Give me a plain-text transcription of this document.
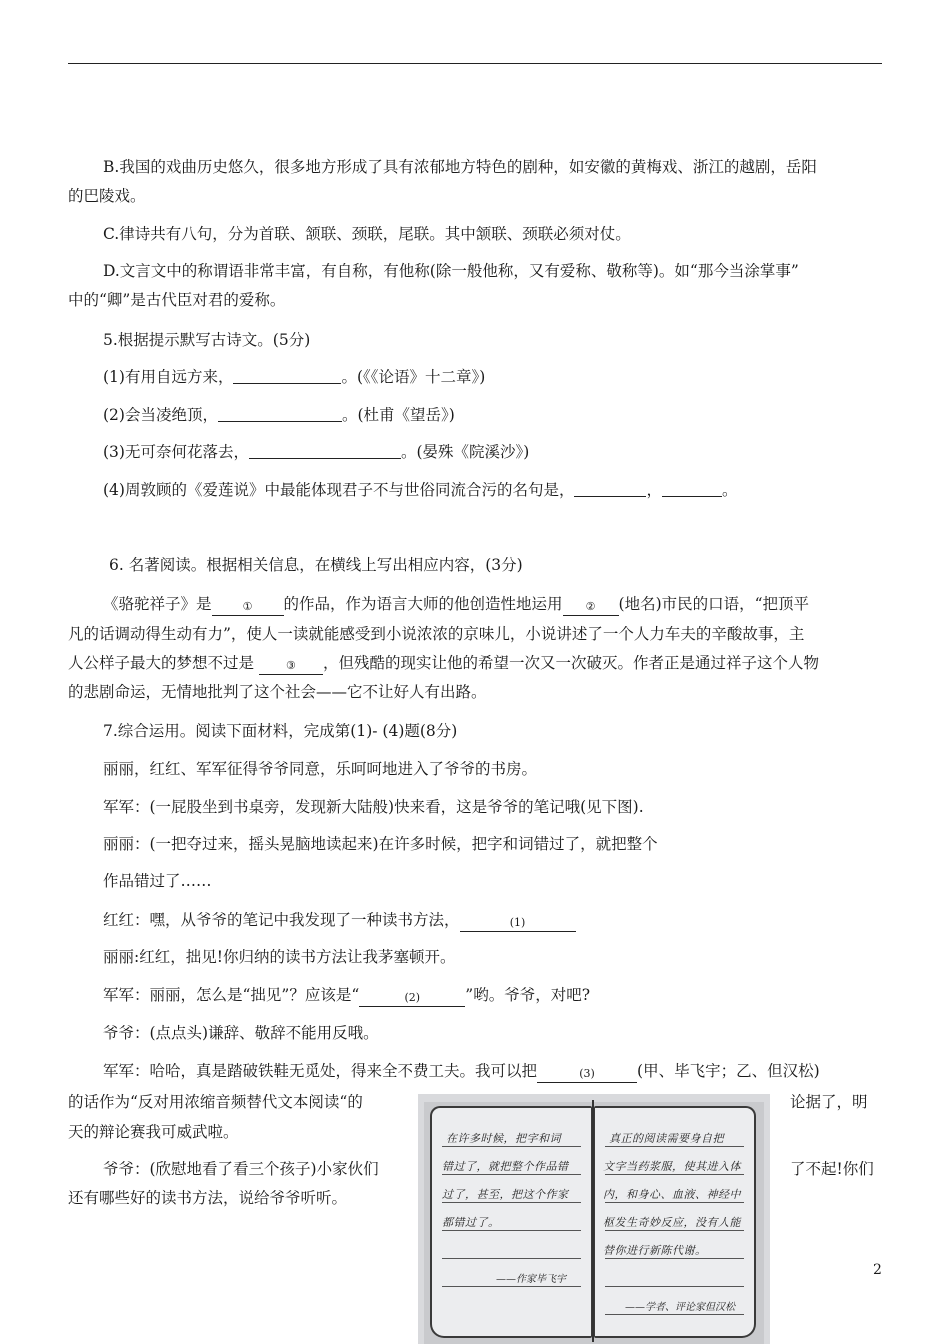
B.我国的戏曲历史悠久，很多地方形成了具有浓郁地方特色的剧种，如安徽的黄梅戏、浙江的越剧，岳阳
的巴陵戏。
C.律诗共有八句，分为首联、颔联、颈联，尾联。其中颔联、颈联必须对仗。
D.文言文中的称谓语非常丰富，有自称，有他称(除一般他称，又有爱称、敬称等)。如“那今当涂掌事”
中的“卿”是古代臣对君的爱称。
5.根据提示默写古诗文。(5分)
(1)有用自远方来，	。(《《论语》十二章》)
(2)会当凌绝顶，	。(杜甫《望岳》)
(3)无可奈何花落去，	。(晏殊《院溪沙》)
(4)周敦顾的《爱莲说》中最能体现君子不与世俗同流合污的名句是，	，	。
6. 名著阅读。根据相关信息，在横线上写出相应内容，(3分)
《骆驼祥子》是	① 的作品，作为语言大师的他创造性地运用 ② (地名)市民的口语，“把顶平
凡的话调动得生动有力”，使人一读就能感受到小说浓浓的京味儿，小说讲述了一个人力车夫的辛酸故事，主
人公样子最大的梦想不过是 ③ ，但残酷的现实让他的希望一次又一次破灭。作者正是通过祥子这个人物
的悲剧命运，无情地批判了这个社会——它不让好人有出路。
7.综合运用。阅读下面材料，完成第(1)- (4)题(8分)
丽丽，红红、军军征得爷爷同意，乐呵呵地进入了爷爷的书房。
军军：(一屁股坐到书桌旁，发现新大陆般)快来看，这是爷爷的笔记哦(见下图).
丽丽：(一把夺过来，摇头晃脑地读起来)在许多时候，把字和词错过了，就把整个
作品错过了……
红红：嘿，从爷爷的笔记中我发现了一种读书方法，	(1)
丽丽:红红，拙见!你归纳的读书方法让我茅塞顿开。
军军：丽丽，怎么是“拙见”？应该是“	(2)	”哟。爷爷，对吧?
爷爷：(点点头)谦辞、敬辞不能用反哦。
军军：哈哈，真是踏破铁鞋无觅处，得来全不费工夫。我可以把	(3)	(甲、毕飞宇；乙、但汉松)
的话作为“反对用浓缩音频替代文本阅读“的	论据了，明
天的辩论赛我可威武啦。
爷爷：(欣慰地看了看三个孩子)小家伙们	了不起!你们
还有哪些好的读书方法，说给爷爷听听。
在许多时候，把字和词
错过了，就把整个作品错
过了，甚至，把这个作家
都错过了。
——作家毕飞宇
真正的阅读需要身自把
文字当药浆服，使其进入体
内，和身心、血液、神经中
枢发生奇妙反应，没有人能
替你进行新陈代谢。
——学者、评论家但汉松
2
